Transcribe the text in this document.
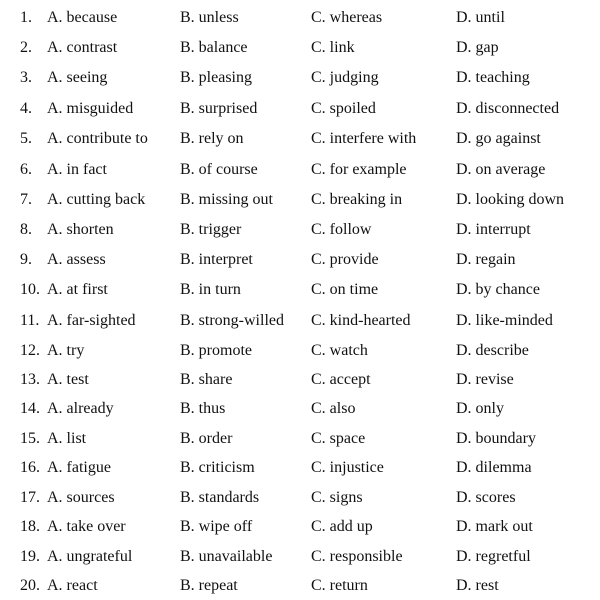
1. A. because	B. unless	C. whereas	D. until
2. A. contrast	B. balance	C. link	D. gap
3. A. seeing	B. pleasing	C. judging	D. teaching
4. A. misguided	B. surprised	C. spoiled	D. disconnected
5. A. contribute to B. rely on	C. interfere with D. go against
6. A. in fact	B. of course	C. for example	D. on average
7. A. cutting back B. missing out C. breaking in	D. looking down
8. A. shorten	B. trigger	C. follow	D. interrupt
9. A. assess	B. interpret	C. provide	D. regain
10. A. at first	B. in turn	C. on time	D. by chance
11. A. far-sighted	B. strong-willed C. kind-hearted	D. like-minded
12. A. try	B. promote	C. watch	D. describe
13. A. test	B. share	C. accept	D. revise
14. A. already	B. thus	C. also	D. only
15. A. list	B. order	C. space	D. boundary
16. A. fatigue	B. criticism	C. injustice	D. dilemma
17. A. sources	B. standards	C. signs	D. scores
18. A. take over	B. wipe off	C. add up	D. mark out
19. A. ungrateful	B. unavailable C. responsible	D. regretful
20. A. react	B. repeat	C. return	D. rest
